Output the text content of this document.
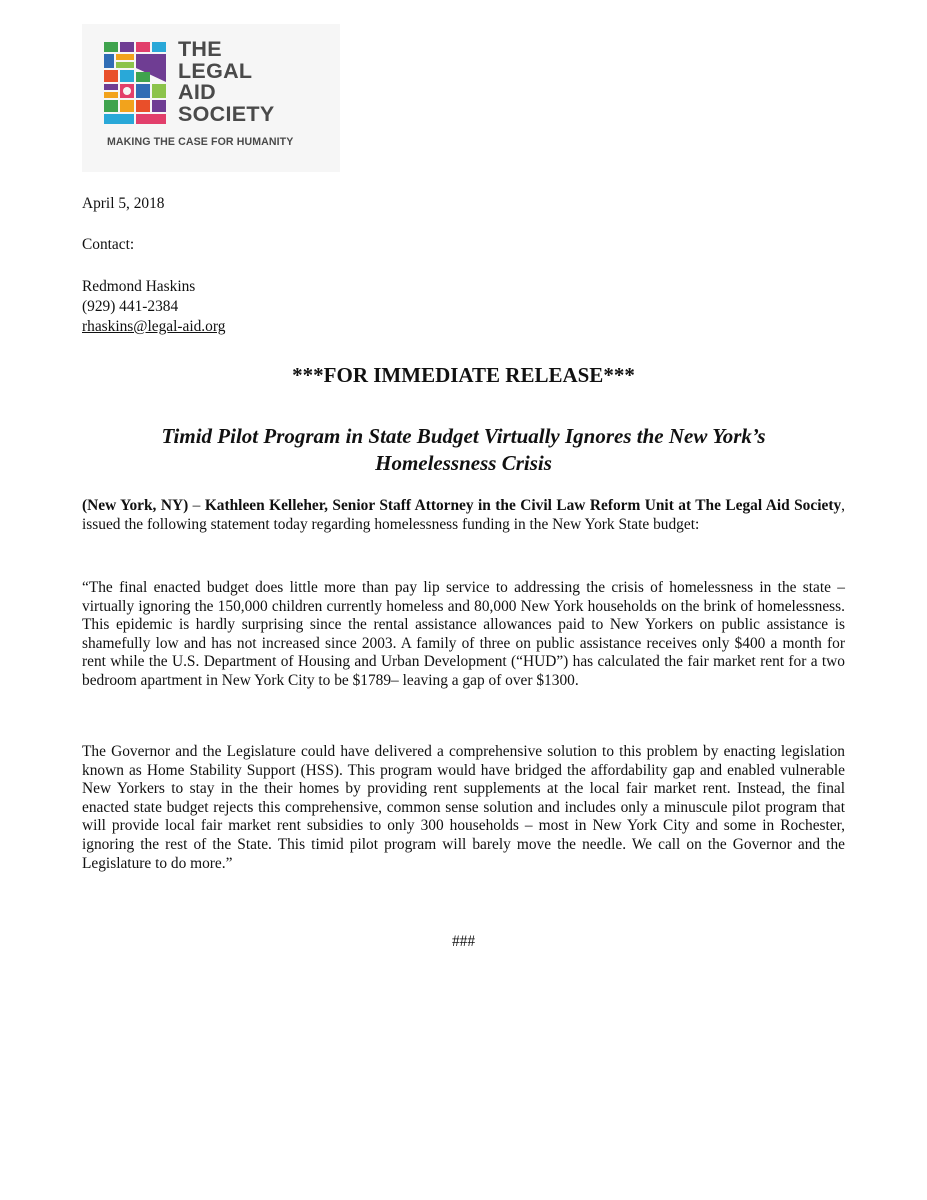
THE
LEGAL
AID
SOCIETY
MAKING THE CASE FOR HUMANITY
April 5, 2018
Contact:
Redmond Haskins
(929) 441-2384
rhaskins@legal-aid.org
***FOR IMMEDIATE RELEASE***
Timid Pilot Program in State Budget Virtually Ignores the New York’s
Homelessness Crisis

(New York, NY) – Kathleen Kelleher, Senior Staff Attorney in the Civil Law Reform Unit at The Legal Aid Society, issued the following statement today regarding homelessness funding in the New York State budget:

“The final enacted budget does little more than pay lip service to addressing the crisis of homelessness in the state – virtually ignoring the 150,000 children currently homeless and 80,000 New York households on the brink of homelessness. This epidemic is hardly surprising since the rental assistance allowances paid to New Yorkers on public assistance is shamefully low and has not increased since 2003. A family of three on public assistance receives only $400 a month for rent while the U.S. Department of Housing and Urban Development (“HUD”) has calculated the fair market rent for a two bedroom apartment in New York City to be $1789– leaving a gap of over $1300.

The Governor and the Legislature could have delivered a comprehensive solution to this problem by enacting legislation known as Home Stability Support (HSS). This program would have bridged the affordability gap and enabled vulnerable New Yorkers to stay in the their homes by providing rent supplements at the local fair market rent. Instead, the final enacted state budget rejects this comprehensive, common sense solution and includes only a minuscule pilot program that will provide local fair market rent subsidies to only 300 households – most in New York City and some in Rochester, ignoring the rest of the State. This timid pilot program will barely move the needle. We call on the Governor and the Legislature to do more.”

###
